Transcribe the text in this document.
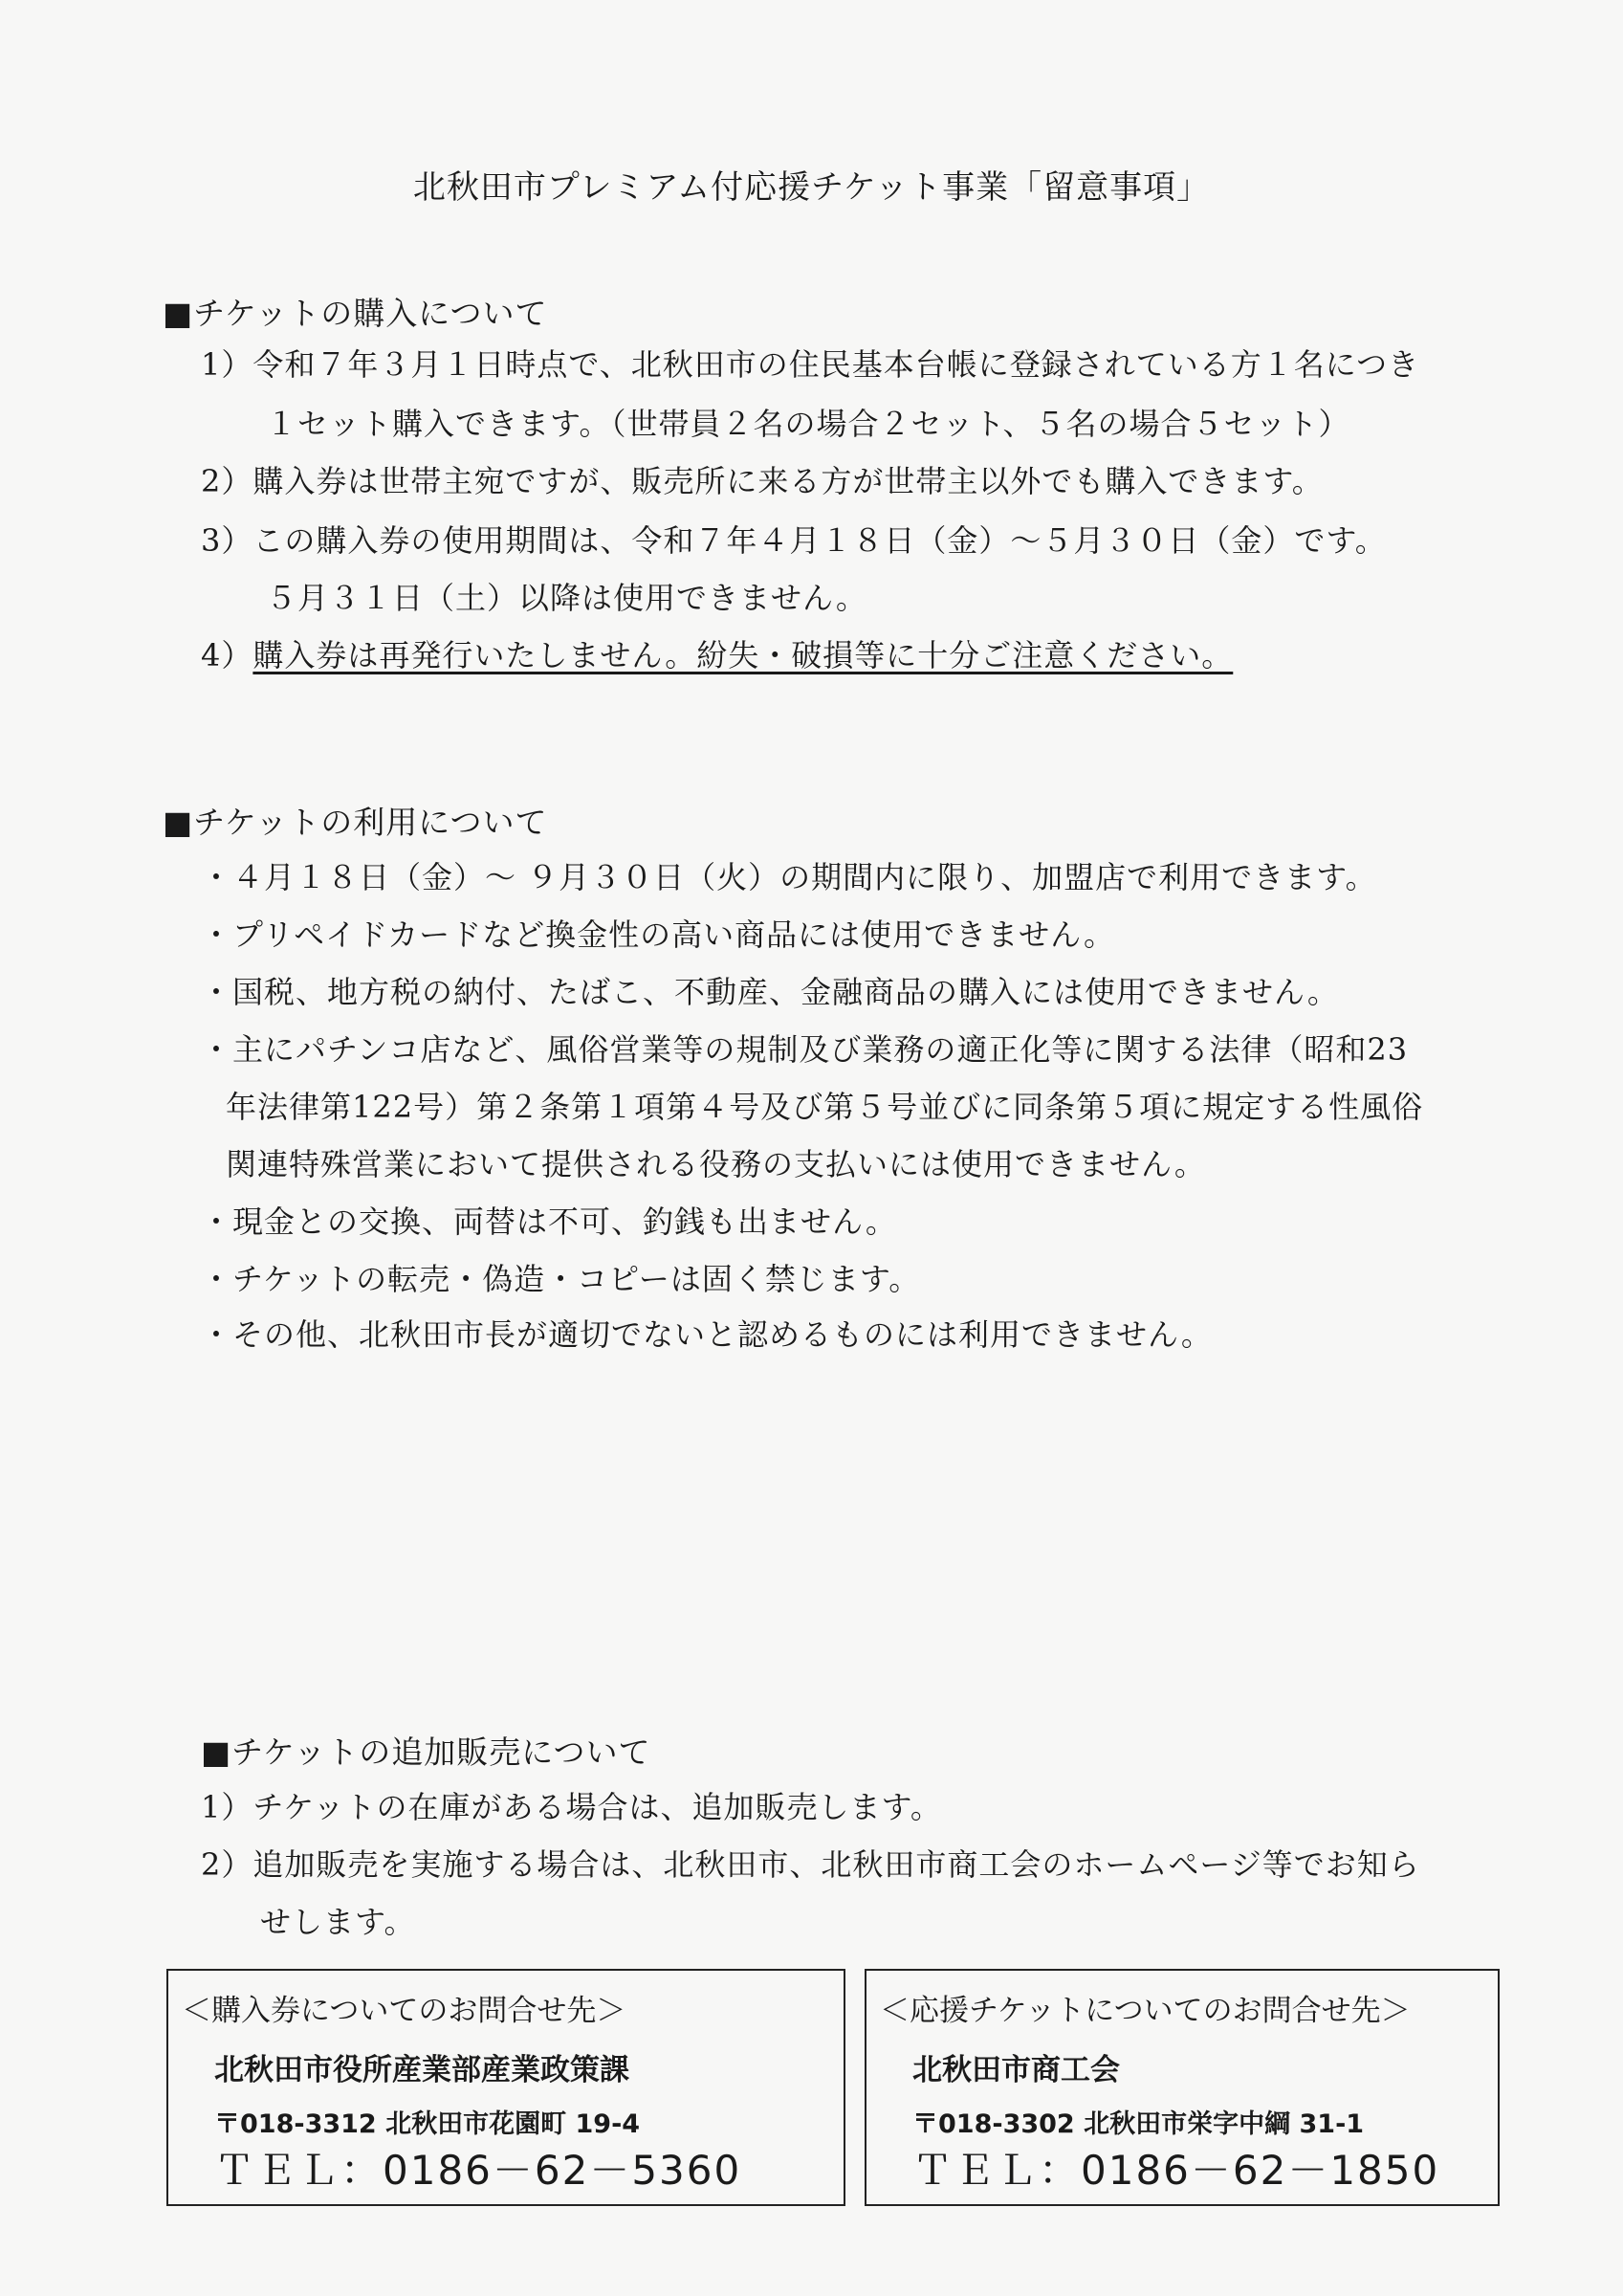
北秋田市プレミアム付応援チケット事業「留意事項」
■チケットの購入について
1）令和７年３月１日時点で、北秋田市の住民基本台帳に登録されている方１名につき
１セット購入できます。（世帯員２名の場合２セット、５名の場合５セット）
2）購入券は世帯主宛ですが、販売所に来る方が世帯主以外でも購入できます。
3）この購入券の使用期間は、令和７年４月１８日（金）～５月３０日（金）です。
５月３１日（土）以降は使用できません。
4）購入券は再発行いたしません。紛失・破損等に十分ご注意ください。
■チケットの利用について
・４月１８日（金）～ ９月３０日（火）の期間内に限り、加盟店で利用できます。
・プリペイドカードなど換金性の高い商品には使用できません。
・国税、地方税の納付、たばこ、不動産、金融商品の購入には使用できません。
・主にパチンコ店など、風俗営業等の規制及び業務の適正化等に関する法律（昭和23
年法律第122号）第２条第１項第４号及び第５号並びに同条第５項に規定する性風俗
関連特殊営業において提供される役務の支払いには使用できません。
・現金との交換、両替は不可、釣銭も出ません。
・チケットの転売・偽造・コピーは固く禁じます。
・その他、北秋田市長が適切でないと認めるものには利用できません。
■チケットの追加販売について
1）チケットの在庫がある場合は、追加販売します。
2）追加販売を実施する場合は、北秋田市、北秋田市商工会のホームページ等でお知ら
せします。
＜購入券についてのお問合せ先＞
北秋田市役所産業部産業政策課
〒018-3312 北秋田市花園町 19-4
ＴＥＬ：0186－62－5360
＜応援チケットについてのお問合せ先＞
北秋田市商工会
〒018-3302 北秋田市栄字中綱 31-1
ＴＥＬ：0186－62－1850
